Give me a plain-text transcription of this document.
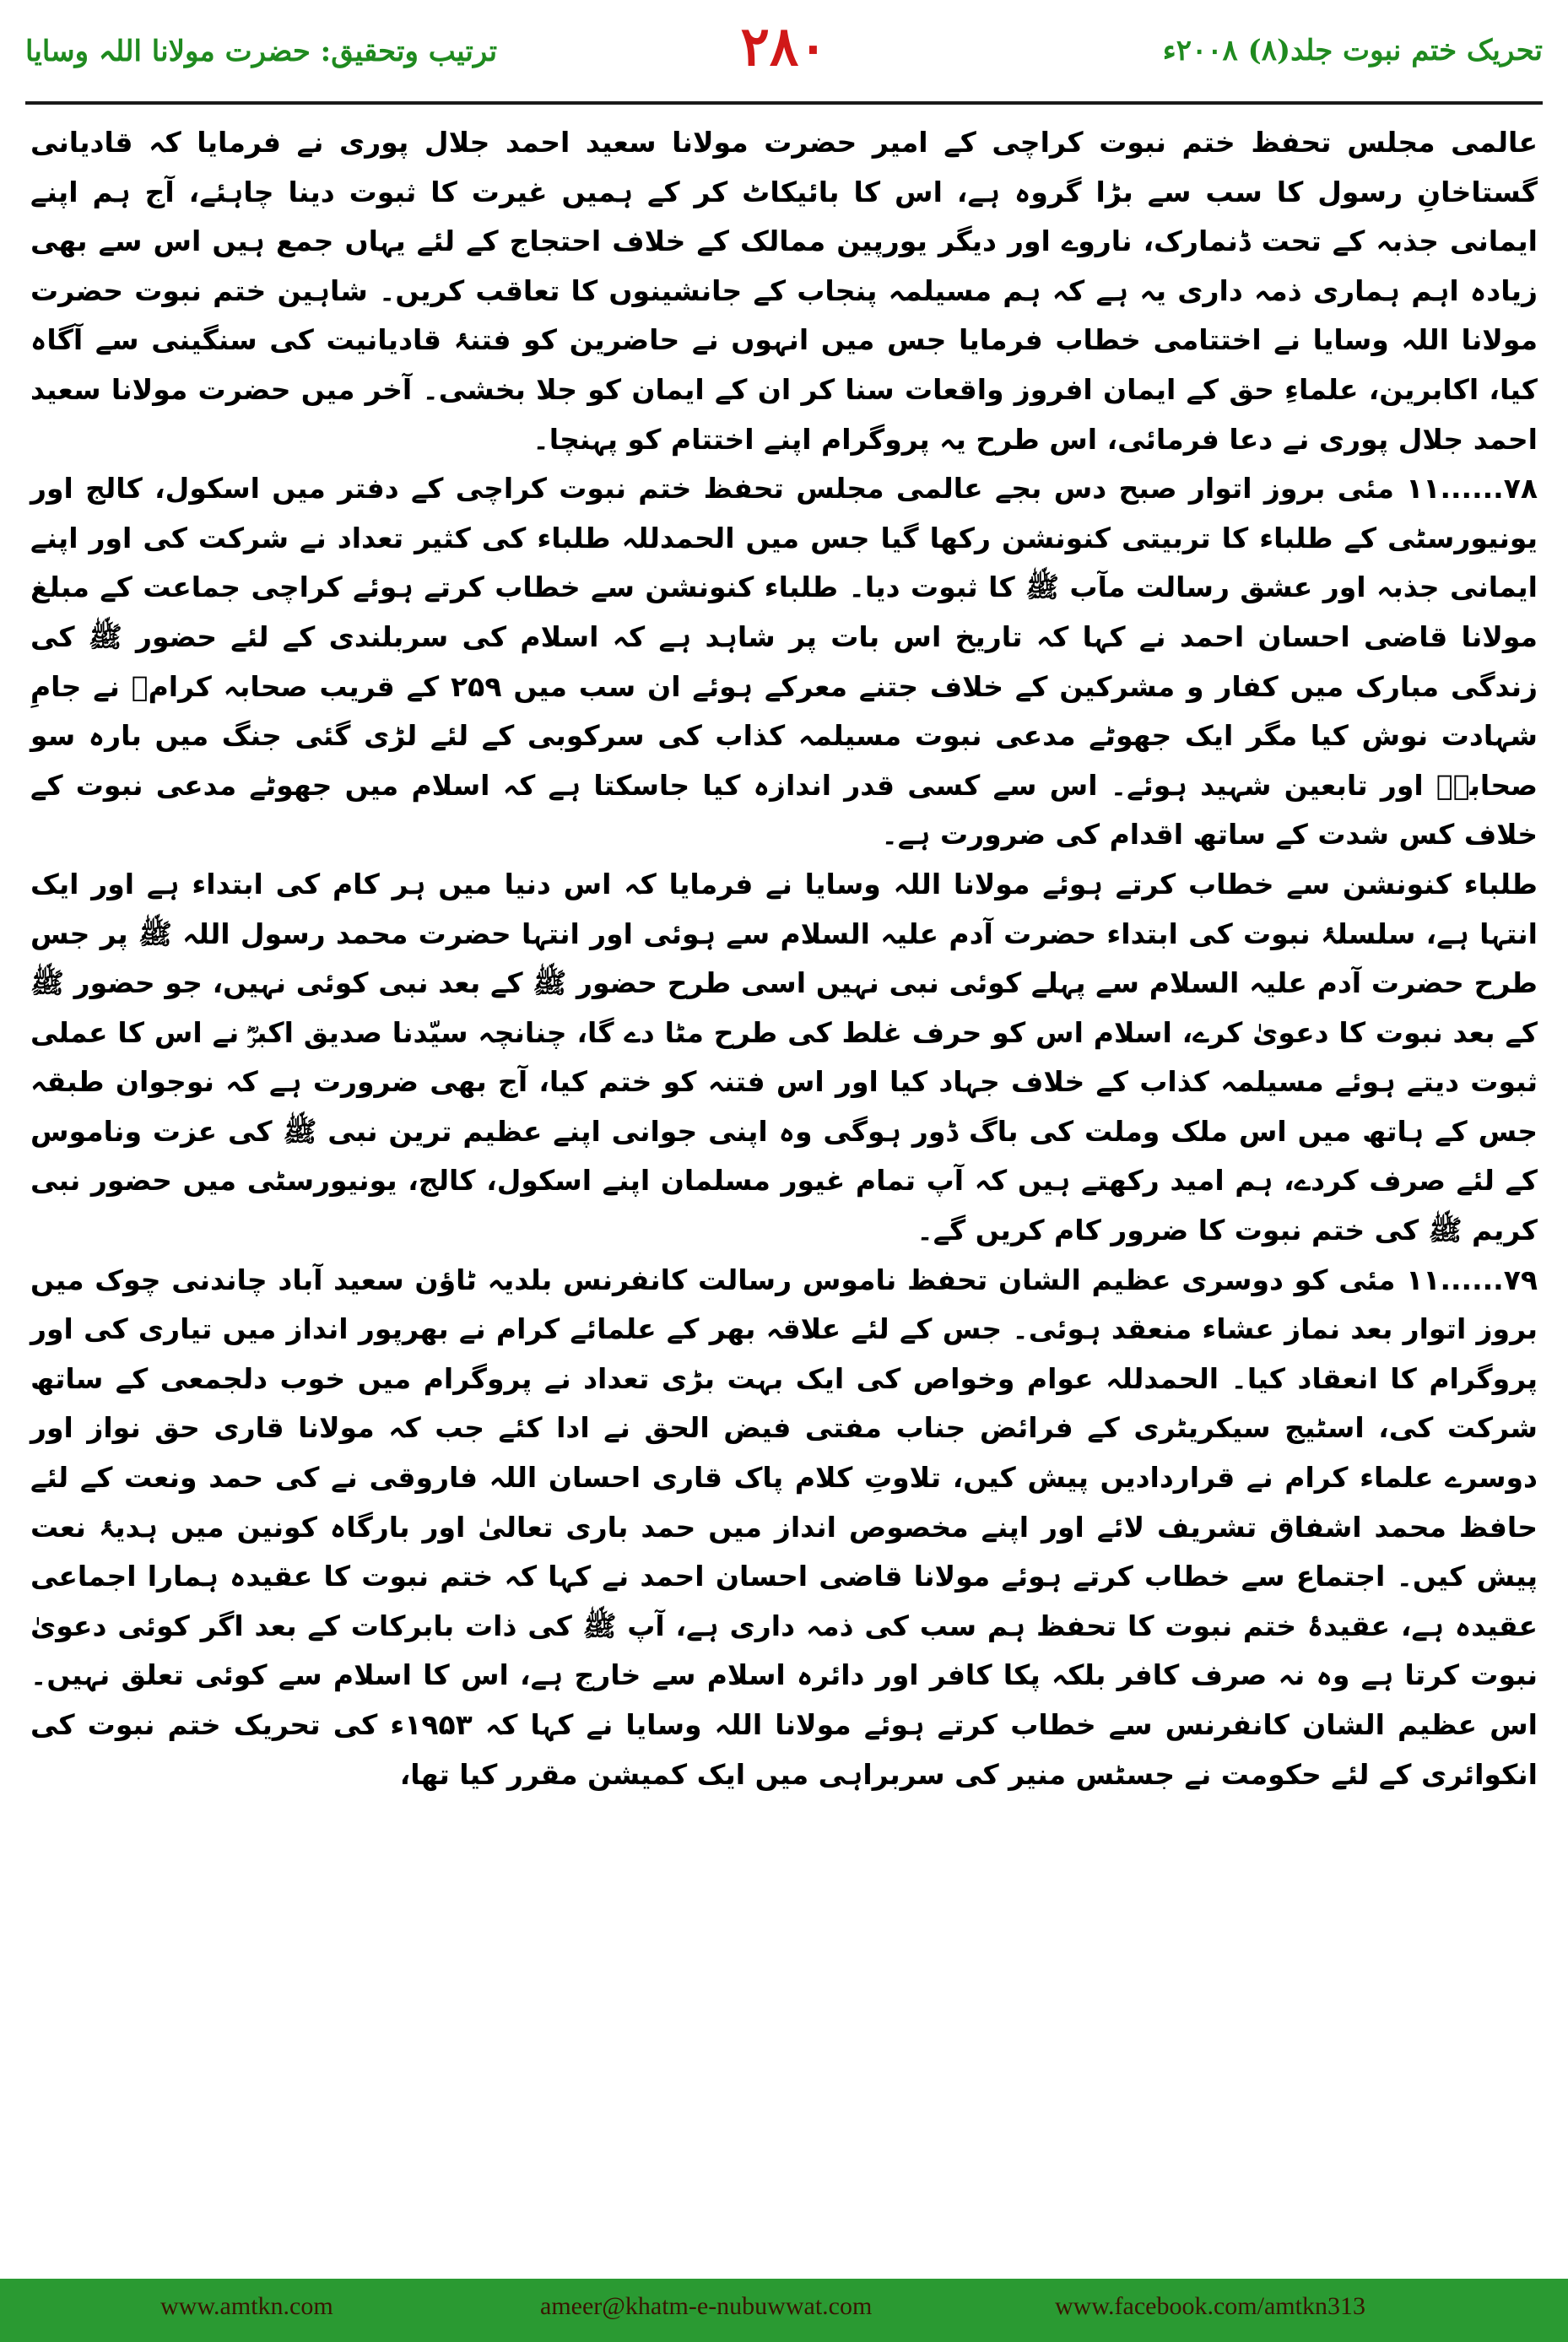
ترتیب وتحقیق: حضرت مولانا اللہ وسایا	۲۸۰	تحریک ختم نبوت جلد(۸) ۲۰۰۸ء

عالمی مجلس تحفظ ختم نبوت کراچی کے امیر حضرت مولانا سعید احمد جلال پوری نے فرمایا کہ قادیانی گستاخانِ رسول کا سب سے بڑا گروہ ہے، اس کا بائیکاٹ کر کے ہمیں غیرت کا ثبوت دینا چاہئے، آج ہم اپنے ایمانی جذبہ کے تحت ڈنمارک، ناروے اور دیگر یورپین ممالک کے خلاف احتجاج کے لئے یہاں جمع ہیں اس سے بھی زیادہ اہم ہماری ذمہ داری یہ ہے کہ ہم مسیلمہ پنجاب کے جانشینوں کا تعاقب کریں۔ شاہین ختم نبوت حضرت مولانا اللہ وسایا نے اختتامی خطاب فرمایا جس میں انہوں نے حاضرین کو فتنۂ قادیانیت کی سنگینی سے آگاہ کیا، اکابرین، علماءِ حق کے ایمان افروز واقعات سنا کر ان کے ایمان کو جلا بخشی۔ آخر میں حضرت مولانا سعید احمد جلال پوری نے دعا فرمائی، اس طرح یہ پروگرام اپنے اختتام کو پہنچا۔

۷۸......۱۱ مئی بروز اتوار صبح دس بجے عالمی مجلس تحفظ ختم نبوت کراچی کے دفتر میں اسکول، کالج اور یونیورسٹی کے طلباء کا تربیتی کنونشن رکھا گیا جس میں الحمدللہ طلباء کی کثیر تعداد نے شرکت کی اور اپنے ایمانی جذبہ اور عشق رسالت مآب ﷺ کا ثبوت دیا۔ طلباء کنونشن سے خطاب کرتے ہوئے کراچی جماعت کے مبلغ مولانا قاضی احسان احمد نے کہا کہ تاریخ اس بات پر شاہد ہے کہ اسلام کی سربلندی کے لئے حضور ﷺ کی زندگی مبارک میں کفار و مشرکین کے خلاف جتنے معرکے ہوئے ان سب میں ۲۵۹ کے قریب صحابہ کرامؓ نے جامِ شہادت نوش کیا مگر ایک جھوٹے مدعی نبوت مسیلمہ کذاب کی سرکوبی کے لئے لڑی گئی جنگ میں بارہ سو صحابہؓ اور تابعین شہید ہوئے۔ اس سے کسی قدر اندازہ کیا جاسکتا ہے کہ اسلام میں جھوٹے مدعی نبوت کے خلاف کس شدت کے ساتھ اقدام کی ضرورت ہے۔

طلباء کنونشن سے خطاب کرتے ہوئے مولانا اللہ وسایا نے فرمایا کہ اس دنیا میں ہر کام کی ابتداء ہے اور ایک انتہا ہے، سلسلۂ نبوت کی ابتداء حضرت آدم علیہ السلام سے ہوئی اور انتہا حضرت محمد رسول اللہ ﷺ پر جس طرح حضرت آدم علیہ السلام سے پہلے کوئی نبی نہیں اسی طرح حضور ﷺ کے بعد نبی کوئی نہیں، جو حضور ﷺ کے بعد نبوت کا دعویٰ کرے، اسلام اس کو حرف غلط کی طرح مٹا دے گا، چنانچہ سیّدنا صدیق اکبرؓ نے اس کا عملی ثبوت دیتے ہوئے مسیلمہ کذاب کے خلاف جہاد کیا اور اس فتنہ کو ختم کیا، آج بھی ضرورت ہے کہ نوجوان طبقہ جس کے ہاتھ میں اس ملک وملت کی باگ ڈور ہوگی وہ اپنی جوانی اپنے عظیم ترین نبی ﷺ کی عزت وناموس کے لئے صرف کردے، ہم امید رکھتے ہیں کہ آپ تمام غیور مسلمان اپنے اسکول، کالج، یونیورسٹی میں حضور نبی کریم ﷺ کی ختم نبوت کا ضرور کام کریں گے۔

۷۹......۱۱ مئی کو دوسری عظیم الشان تحفظ ناموس رسالت کانفرنس بلدیہ ٹاؤن سعید آباد چاندنی چوک میں بروز اتوار بعد نماز عشاء منعقد ہوئی۔ جس کے لئے علاقہ بھر کے علمائے کرام نے بھرپور انداز میں تیاری کی اور پروگرام کا انعقاد کیا۔ الحمدللہ عوام وخواص کی ایک بہت بڑی تعداد نے پروگرام میں خوب دلجمعی کے ساتھ شرکت کی، اسٹیج سیکریٹری کے فرائض جناب مفتی فیض الحق نے ادا کئے جب کہ مولانا قاری حق نواز اور دوسرے علماء کرام نے قراردادیں پیش کیں، تلاوتِ کلام پاک قاری احسان اللہ فاروقی نے کی حمد ونعت کے لئے حافظ محمد اشفاق تشریف لائے اور اپنے مخصوص انداز میں حمد باری تعالیٰ اور بارگاہ کونین میں ہدیۂ نعت پیش کیں۔ اجتماع سے خطاب کرتے ہوئے مولانا قاضی احسان احمد نے کہا کہ ختم نبوت کا عقیدہ ہمارا اجماعی عقیدہ ہے، عقیدۂ ختم نبوت کا تحفظ ہم سب کی ذمہ داری ہے، آپ ﷺ کی ذات بابرکات کے بعد اگر کوئی دعویٰ نبوت کرتا ہے وہ نہ صرف کافر بلکہ پکا کافر اور دائرہ اسلام سے خارج ہے، اس کا اسلام سے کوئی تعلق نہیں۔ اس عظیم الشان کانفرنس سے خطاب کرتے ہوئے مولانا اللہ وسایا نے کہا کہ ۱۹۵۳ء کی تحریک ختم نبوت کی انکوائری کے لئے حکومت نے جسٹس منیر کی سربراہی میں ایک کمیشن مقرر کیا تھا،

www.amtkn.com	ameer@khatm-e-nubuwwat.com	www.facebook.com/amtkn313
